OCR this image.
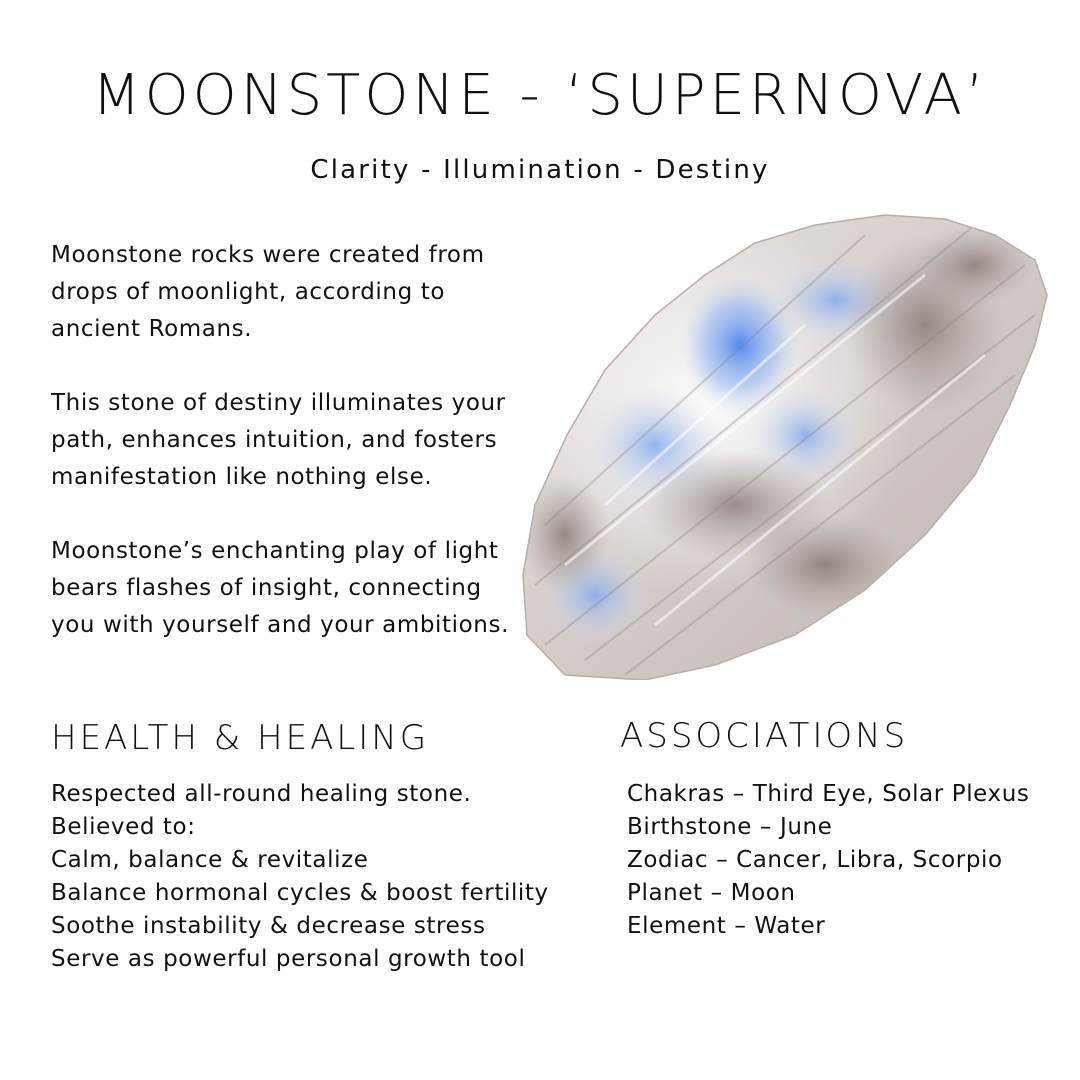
MOONSTONE - ‘SUPERNOVA’
Clarity - Illumination - Destiny

Moonstone rocks were created from drops of moonlight, according to ancient Romans.

This stone of destiny illuminates your path, enhances intuition, and fosters manifestation like nothing else.

Moonstone’s enchanting play of light bears flashes of insight, connecting you with yourself and your ambitions.

HEALTH & HEALING
Respected all-round healing stone.
Believed to:
Calm, balance & revitalize
Balance hormonal cycles & boost fertility
Soothe instability & decrease stress
Serve as powerful personal growth tool
ASSOCIATIONS
Chakras – Third Eye, Solar Plexus
Birthstone – June
Zodiac – Cancer, Libra, Scorpio
Planet – Moon
Element – Water
